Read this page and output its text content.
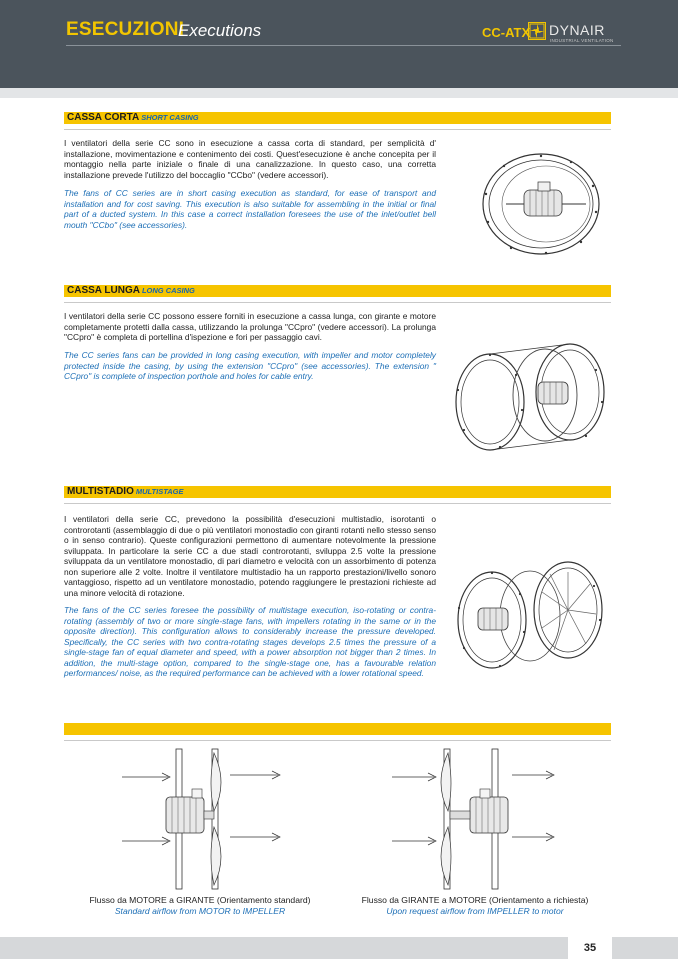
ESECUZIONI
Executions	CC-ATX DYNAIR
INDUSTRIAL VENTILATION
CASSA CORTA SHORT CASING
I ventilatori della serie CC sono in esecuzione a cassa corta di standard, per semplicità d' installazione, movimentazione e contenimento dei costi. Quest'esecuzione è anche concepita per il montaggio nella parte iniziale o finale di una canalizzazione. In questo caso, una corretta installazione prevede l'utilizzo del boccaglio "CCbo" (vedere accessori).
The fans of CC series are in short casing execution as standard, for ease of transport and installation and for cost saving. This execution is also suitable for assembling in the initial or final part of a ducted system. In this case a correct installation foresees the use of the inlet/outlet bell mouth "CCbo" (see accessories).
CASSA LUNGA LONG CASING
I ventilatori della serie CC possono essere forniti in esecuzione a cassa lunga, con girante e motore completamente protetti dalla cassa, utilizzando la prolunga "CCpro" (vedere accessori). La prolunga "CCpro" è completa di portellina d'ispezione e fori per passaggio cavi.
The CC series fans can be provided in long casing execution, with impeller and motor completely protected inside the casing, by using the extension "CCpro" (see accessories). The extension " CCpro" is complete of inspection porthole and holes for cable entry.
MULTISTADIO MULTISTAGE
I ventilatori della serie CC, prevedono la possibilità d'esecuzioni multistadio, isorotanti o controrotanti (assemblaggio di due o più ventilatori monostadio con giranti rotanti nello stesso senso o in senso contrario). Queste configurazioni permettono di aumentare notevolmente la pressione sviluppata. In particolare la serie CC a due stadi controrotanti, sviluppa 2.5 volte la pressione sviluppata da un ventilatore monostadio, di pari diametro e velocità con un assorbimento di potenza non superiore alle 2 volte. Inoltre il ventilatore multistadio ha un rapporto prestazioni/livello sonoro vantaggioso, rispetto ad un ventilatore monostadio, potendo raggiungere le prestazioni richieste ad una minore velocità di rotazione.
The fans of the CC series foresee the possibility of multistage execution, iso-rotating or contra-rotating (assembly of two or more single-stage fans, with impellers rotating in the same or in the opposite direction). This configuration allows to considerably increase the pressure developed. Specifically, the CC series with two contra-rotating stages develops 2.5 times the pressure of a single-stage fan of equal diameter and speed, with a power absorption not bigger than 2 times. In addition, the multi-stage option, compared to the single-stage one, has a favourable relation performances/ noise, as the required performance can be achieved with a lower rotational speed.
Flusso da MOTORE a GIRANTE (Orientamento standard)
Standard airflow from MOTOR to IMPELLER
Flusso da GIRANTE a MOTORE (Orientamento a richiesta)
Upon request airflow from IMPELLER to motor
35
